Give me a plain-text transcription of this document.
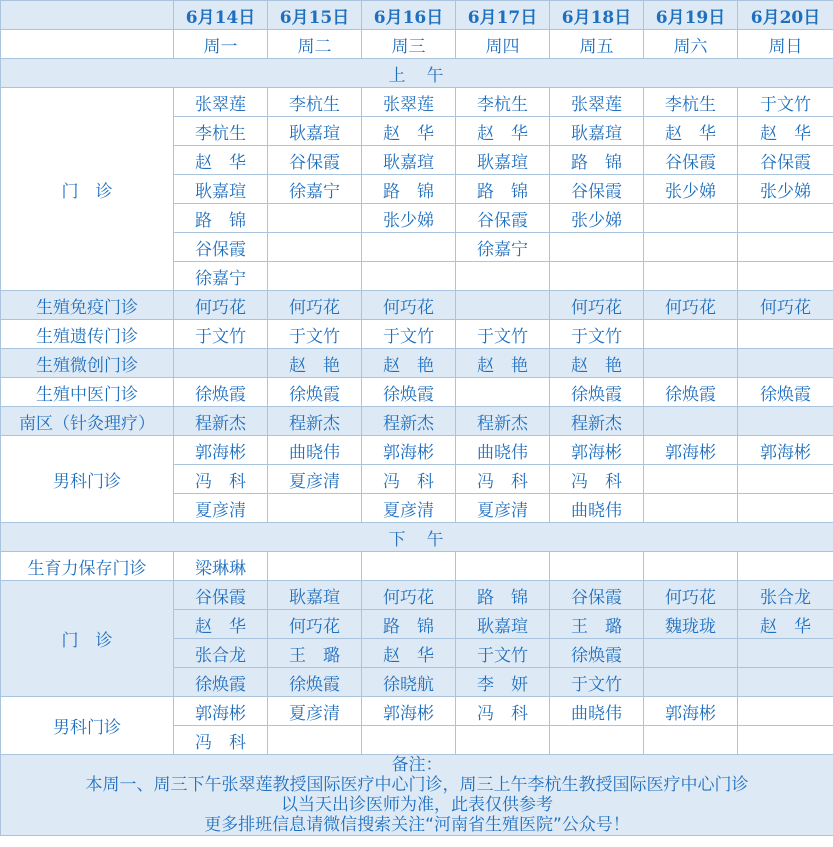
	6月14日	6月15日	6月16日	6月17日	6月18日	6月19日	6月20日
	周一	周二	周三	周四	周五	周六	周日
上　午							
门　诊	张翠莲	李杭生	张翠莲	李杭生	张翠莲	李杭生	于文竹
	李杭生	耿嘉瑄	赵　华	赵　华	耿嘉瑄	赵　华	赵　华
	赵　华	谷保霞	耿嘉瑄	耿嘉瑄	路　锦	谷保霞	谷保霞
	耿嘉瑄	徐嘉宁	路　锦	路　锦	谷保霞	张少娣	张少娣
	路　锦		张少娣	谷保霞	张少娣		
	谷保霞			徐嘉宁			
	徐嘉宁						
生殖免疫门诊	何巧花	何巧花	何巧花		何巧花	何巧花	何巧花
生殖遗传门诊	于文竹	于文竹	于文竹	于文竹	于文竹		
生殖微创门诊		赵　艳	赵　艳	赵　艳	赵　艳		
生殖中医门诊	徐焕霞	徐焕霞	徐焕霞		徐焕霞	徐焕霞	徐焕霞
南区（针灸理疗）	程新杰	程新杰	程新杰	程新杰	程新杰		
男科门诊	郭海彬	曲晓伟	郭海彬	曲晓伟	郭海彬	郭海彬	郭海彬
	冯　科	夏彦清	冯　科	冯　科	冯　科		
	夏彦清		夏彦清	夏彦清	曲晓伟		
下　午							
生育力保存门诊	梁琳琳						
门　诊	谷保霞	耿嘉瑄	何巧花	路　锦	谷保霞	何巧花	张合龙
	赵　华	何巧花	路　锦	耿嘉瑄	王　璐	魏珑珑	赵　华
	张合龙	王　璐	赵　华	于文竹	徐焕霞		
	徐焕霞	徐焕霞	徐晓航	李　妍	于文竹		
男科门诊	郭海彬	夏彦清	郭海彬	冯　科	曲晓伟	郭海彬	
	冯　科						

备注：
本周一、周三下午张翠莲教授国际医疗中心门诊，周三上午李杭生教授国际医疗中心门诊
以当天出诊医师为准，此表仅供参考
更多排班信息请微信搜索关注“河南省生殖医院”公众号！							
